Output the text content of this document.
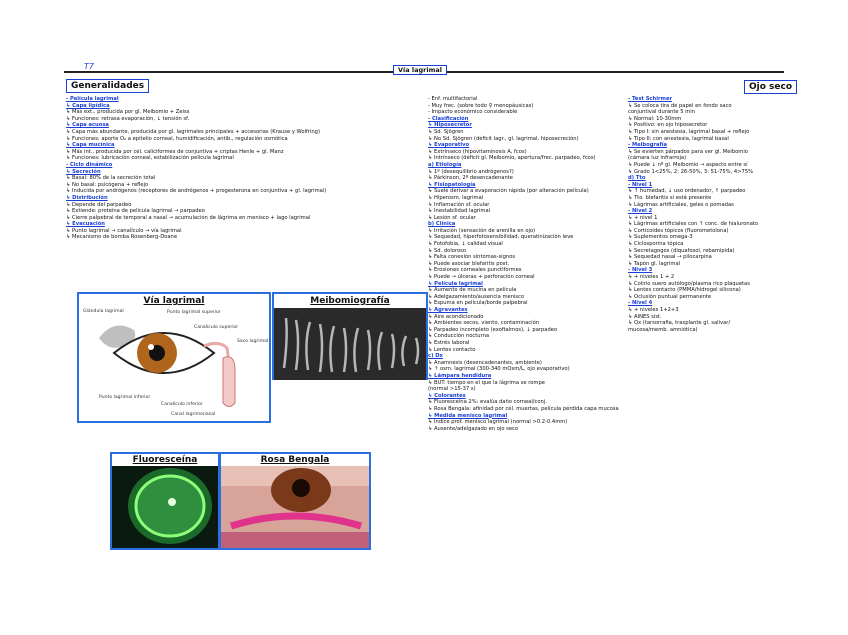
T7	Vía lagrimal
Generalidades	Ojo seco

- Película lagrimal

↳ Capa lipídica

↳ Más ext., producida por gl. Meibomio + Zeiss

↳ Funciones: retrasa evaporación, ↓ tensión sf.

↳ Capa acuosa

↳ Capa más abundante, producida por gl. lagrimales principales + accesorias (Krause y Wolfring)

↳ Funciones: aporte O₂ a epitelio corneal, humidificación, antib., regulación osmótica

↳ Capa mucínica

↳ Más int., producida por cél. caliciformes de conjuntiva + criptas Henle + gl. Manz

↳ Funciones: lubricación corneal, estabilización película lagrimal

- Ciclo dinámico

↳ Secreción

↳ Basal: 80% de la secreción total

↳ No basal: psicógena + reflejo

↳ Inducida por andrógenos (receptores de andrógenos + progesterona en conjuntiva + gl. lagrimal)

↳ Distribución

↳ Depende del parpadeo

↳ Extiende: proteína de película lagrimal → parpadeo

↳ Cierre palpebral de temporal a nasal → acumulación de lágrima en menisco + lago lagrimal

↳ Evacuación

↳ Punto lagrimal → canalículo → vía lagrimal

↳ Mecanismo de bomba Rosenberg-Doane

- Enf. multifactorial

- Muy frec. (sobre todo ♀ menopáusicas)

- Impacto económico considerable

- Clasificación

↳ Hiposecretor

↳ Sd. Sjögren

↳ No Sd. Sjögren (déficit lagr., gl. lagrimal, hiposecreción)

↳ Evaporativo

↳ Extrínseco (hipovitaminosis A, fcos)

↳ Intrínseco (déficit gl. Meibomio, apertura/frec. parpadeo, fcos)

a) Etiología

↳ 1º (desequilibrio andrógenos?)

↳ Párkinson, 2º desencadenante

↳ Fisiopatología

↳ Suele derivar a evaporación rápida (por alteración película)

↳ Hiperosm. lagrimal

↳ Inflamación sf. ocular

↳ Inestabilidad lagrimal

↳ Lesión sf. ocular

b) Clínica

↳ Irritación (sensación de arenilla en ojo)

↳ Sequedad, hiperfotosensibilidad, queratinización leve

↳ Fotofobia, ↓ calidad visual

↳ Sd. doloroso

↳ Falta conexión síntomas-signos

↳ Puede asociar blefaritis post.

↳ Erosiones corneales punctiformes

↳ Puede → úlceras + perforación corneal

↳ Película lagrimal

↳ Aumento de mucina en película

↳ Adelgazamiento/ausencia menisco

↳ Espuma en película/borde palpebral

↳ Agravantes

↳ Aire acondicionado

↳ Ambientes secos, viento, contaminación

↳ Parpadeo incompleto (exoftalmos), ↓ parpadeo

↳ Conducción nocturna

↳ Estrés laboral

↳ Lentes contacto

c) Dx

↳ Anamnesis (desencadenantes, ambiente)

↳ ↑ osm. lagrimal (300-340 mOsm/L, ojo evaporativo)

↳ Lámpara hendidura

↳ BUT: tiempo en el que la lágrima se rompe

(normal >15-37 s)

↳ Colorantes

↳ Fluoresceína 2%: evalúa daño corneal/conj.

↳ Rosa Bengala: afinidad por cél. muertas, película pérdida capa mucosa

↳ Medida menisco lagrimal

↳ Índice prof. menisco lagrimal (normal >0.2-0.4mm)

↳ Ausente/adelgazado en ojo seco

- Test Schirmer

↳ Se coloca tira de papel en fondo saco

conjuntival durante 5 min

↳ Normal: 10-30mm

↳ Positivo: en ojo hiposecretor

↳ Tipo I: sin anestesia, lagrimal basal + reflejo

↳ Tipo II: con anestesia, lagrimal basal

- Meibografía

↳ Se evierten párpados para ver gl. Meibomio

(cámara luz infrarroja)

↳ Puede ↓ nº gl. Meibomio → aspecto entre sí

↳ Grado 1<25%, 2: 26-50%, 3: 51-75%, 4>75%

d) Tto

- Nivel 1

↳ ↑ humedad, ↓ uso ordenador, ↑ parpadeo

↳ Tto. blefaritis si está presente

↳ Lágrimas artificiales, geles o pomadas

- Nivel 2

↳ + nivel 1

↳ Lágrimas artificiales con ↑ conc. de hialuronato

↳ Corticoides tópicos (fluorometolona)

↳ Suplementos omega-3

↳ Ciclosporina tópica

↳ Secretagogos (diquafosol, rebamipida)

↳ Sequedad nasal → pilocarpina

↳ Tapón gl. lagrimal

- Nivel 3

↳ + niveles 1 + 2

↳ Colirio suero autólogo/plasma rico plaquetas

↳ Lentes contacto (PMMA/hidrogel silicona)

↳ Oclusión puntual permanente

- Nivel 4

↳ + niveles 1+2+3

↳ AINES sist.

↳ Qx (tarsorrafia, trasplante gl. salivar/

mucosa/memb. amniótica)

Vía lagrimal
Glándula lagrimal	Punto lagrimal superior
Canalículo superior
Saco lagrimal
Punto lagrimal inferior
Canalículo inferior
Canal lagrimonasal
Meibomiografía
Fluoresceína	Rosa Bengala
